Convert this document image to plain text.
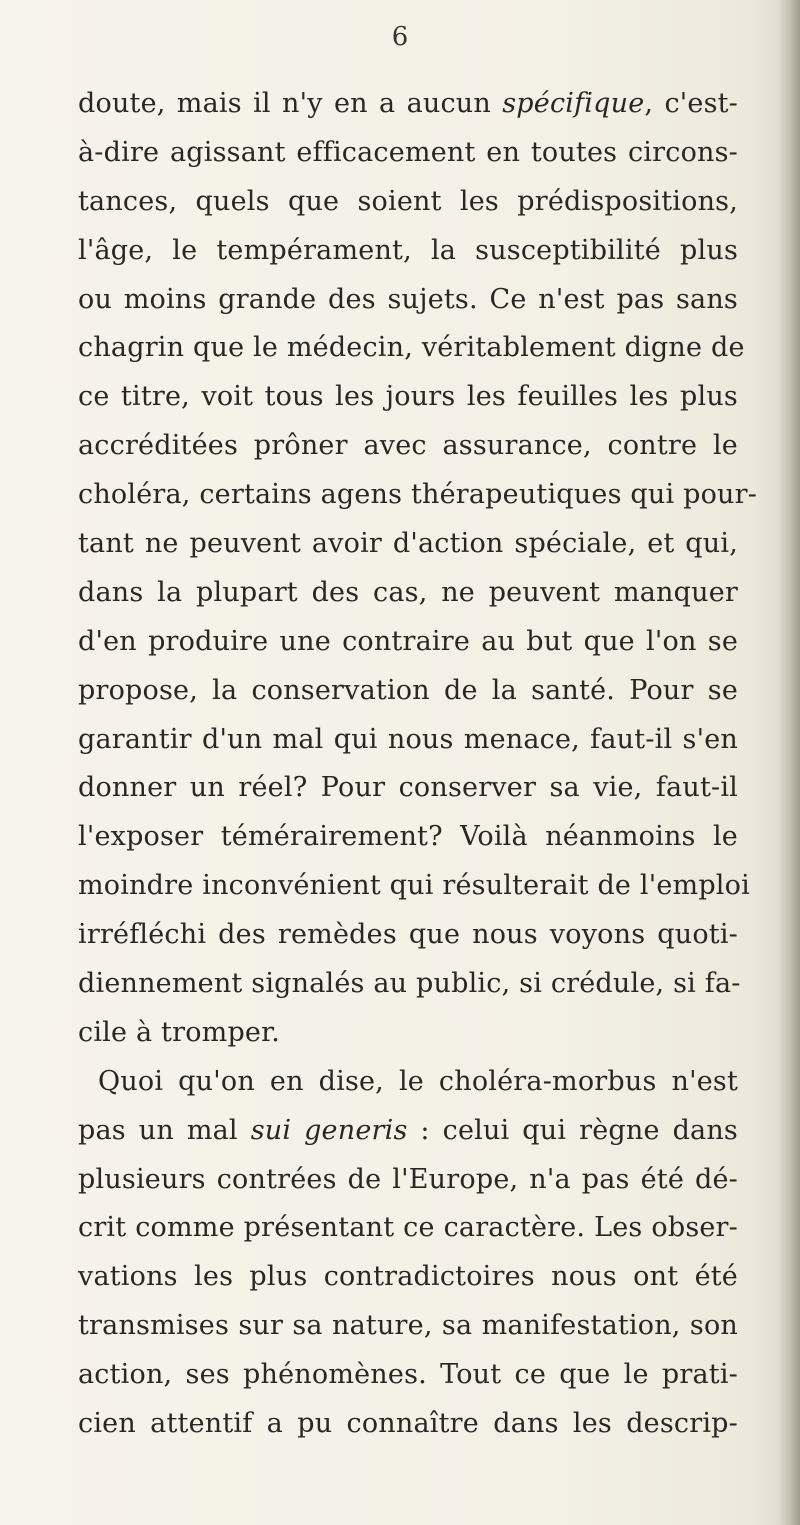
6
doute, mais il n'y en a aucun spécifique, c'est-
à-dire agissant efficacement en toutes circons-
tances, quels que soient les prédispositions,
l'âge, le tempérament, la susceptibilité plus
ou moins grande des sujets. Ce n'est pas sans
chagrin que le médecin, véritablement digne de
ce titre, voit tous les jours les feuilles les plus
accréditées prôner avec assurance, contre le
choléra, certains agens thérapeutiques qui pour-
tant ne peuvent avoir d'action spéciale, et qui,
dans la plupart des cas, ne peuvent manquer
d'en produire une contraire au but que l'on se
propose, la conservation de la santé. Pour se
garantir d'un mal qui nous menace, faut-il s'en
donner un réel? Pour conserver sa vie, faut-il
l'exposer témérairement? Voilà néanmoins le
moindre inconvénient qui résulterait de l'emploi
irréfléchi des remèdes que nous voyons quoti-
diennement signalés au public, si crédule, si fa-
cile à tromper.
Quoi qu'on en dise, le choléra-morbus n'est
pas un mal sui generis : celui qui règne dans
plusieurs contrées de l'Europe, n'a pas été dé-
crit comme présentant ce caractère. Les obser-
vations les plus contradictoires nous ont été
transmises sur sa nature, sa manifestation, son
action, ses phénomènes. Tout ce que le prati-
cien attentif a pu connaître dans les descrip-
